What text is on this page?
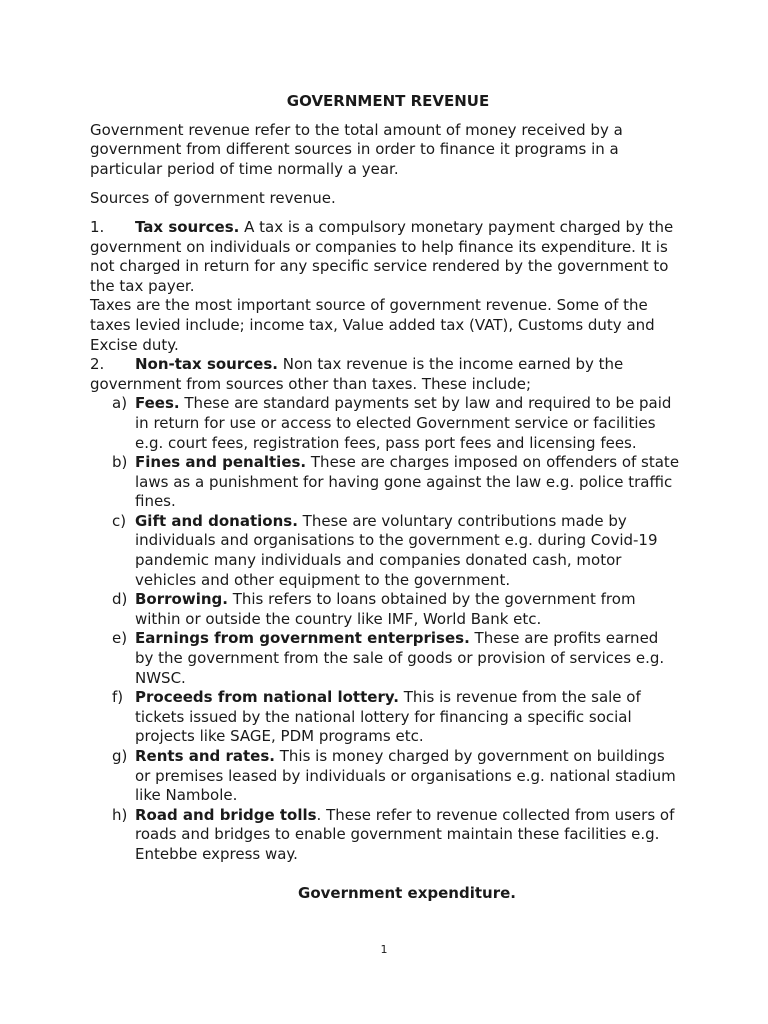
GOVERNMENT REVENUE

Government revenue refer to the total amount of money received by a government from different sources in order to finance it programs in a particular period of time normally a year.

Sources of government revenue.

1. Tax sources. A tax is a compulsory monetary payment charged by the government on individuals or companies to help finance its expenditure. It is not charged in return for any specific service rendered by the government to the tax payer.

Taxes are the most important source of government revenue. Some of the taxes levied include; income tax, Value added tax (VAT), Customs duty and Excise duty.

2. Non-tax sources. Non tax revenue is the income earned by the government from sources other than taxes. These include;

a) Fees. These are standard payments set by law and required to be paid in return for use or access to elected Government service or facilities e.g. court fees, registration fees, pass port fees and licensing fees.
b) Fines and penalties. These are charges imposed on offenders of state laws as a punishment for having gone against the law e.g. police traffic fines.
c) Gift and donations. These are voluntary contributions made by individuals and organisations to the government e.g. during Covid-19 pandemic many individuals and companies donated cash, motor vehicles and other equipment to the government.
d) Borrowing. This refers to loans obtained by the government from within or outside the country like IMF, World Bank etc.
e) Earnings from government enterprises. These are profits earned by the government from the sale of goods or provision of services e.g. NWSC.
f) Proceeds from national lottery. This is revenue from the sale of tickets issued by the national lottery for financing a specific social projects like SAGE, PDM programs etc.
g) Rents and rates. This is money charged by government on buildings or premises leased by individuals or organisations e.g. national stadium like Nambole.
h) Road and bridge tolls. These refer to revenue collected from users of roads and bridges to enable government maintain these facilities e.g. Entebbe express way.

Government expenditure.

1
